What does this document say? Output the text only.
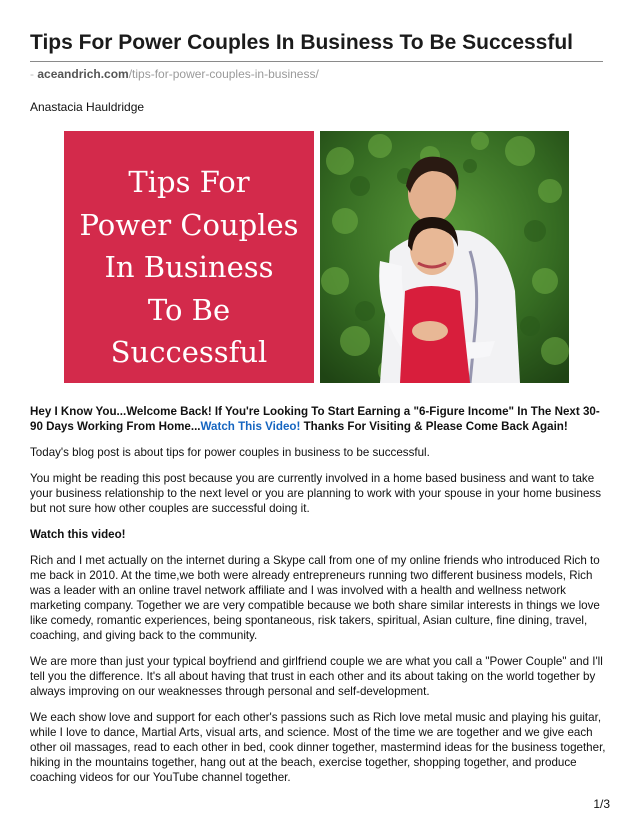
Tips For Power Couples In Business To Be Successful
- aceandrich.com/tips-for-power-couples-in-business/
Anastacia Hauldridge
Tips For
Power Couples
In Business
To Be
Successful

Hey I Know You...Welcome Back! If You're Looking To Start Earning a "6-Figure Income" In The Next 30-90 Days Working From Home...Watch This Video! Thanks For Visiting & Please Come Back Again!

Today's blog post is about tips for power couples in business to be successful.

You might be reading this post because you are currently involved in a home based business and want to take your business relationship to the next level or you are planning to work with your spouse in your home business but not sure how other couples are successful doing it.

Watch this video!

Rich and I met actually on the internet during a Skype call from one of my online friends who introduced Rich to me back in 2010. At the time,we both were already entrepreneurs running two different business models, Rich was a leader with an online travel network affiliate and I was involved with a health and wellness network marketing company. Together we are very compatible because we both share similar interests in things we love like comedy, romantic experiences, being spontaneous, risk takers, spiritual, Asian culture, fine dining, travel, coaching, and giving back to the community.

We are more than just your typical boyfriend and girlfriend couple we are what you call a "Power Couple" and I'll tell you the difference. It's all about having that trust in each other and its about taking on the world together by always improving on our weaknesses through personal and self-development.

We each show love and support for each other's passions such as Rich love metal music and playing his guitar, while I love to dance, Martial Arts, visual arts, and science. Most of the time we are together and we give each other oil massages, read to each other in bed, cook dinner together, mastermind ideas for the business together, hiking in the mountains together, hang out at the beach, exercise together, shopping together, and produce coaching videos for our YouTube channel together.

1/3
